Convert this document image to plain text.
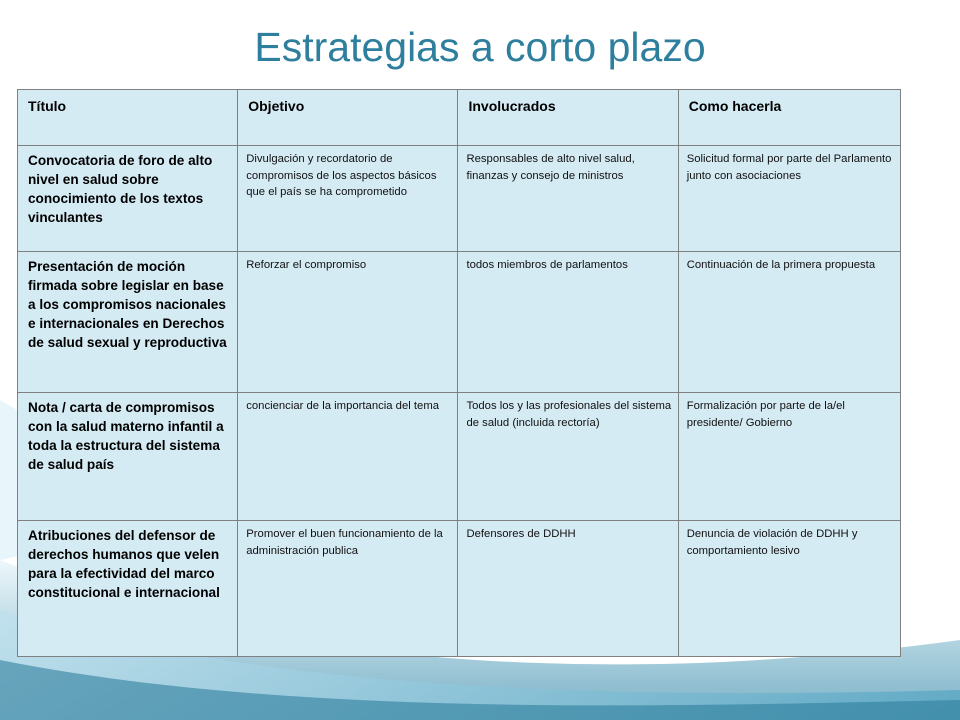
Estrategias a corto plazo
Título	Objetivo	Involucrados	Como hacerla

Convocatoria de foro de alto nivel en salud sobre conocimiento de los textos vinculantes	Divulgación y recordatorio de compromisos de los aspectos básicos que el país se ha comprometido	Responsables de alto nivel salud, finanzas y consejo de ministros	Solicitud formal por parte del Parlamento junto con asociaciones

Presentación de moción firmada sobre legislar en base a los compromisos nacionales e internacionales en Derechos de salud sexual y reproductiva	Reforzar el compromiso	todos miembros de parlamentos	Continuación de la primera propuesta

Nota / carta de compromisos con la salud materno infantil a toda la estructura del sistema de salud país	concienciar de la importancia del tema	Todos los y las profesionales del sistema de salud (incluida rectoría)	Formalización por parte de la/el presidente/ Gobierno

Atribuciones del defensor de derechos humanos que velen para la efectividad del marco constitucional e internacional	Promover el buen funcionamiento de la administración publica	Defensores de DDHH	Denuncia de violación de DDHH y comportamiento lesivo
